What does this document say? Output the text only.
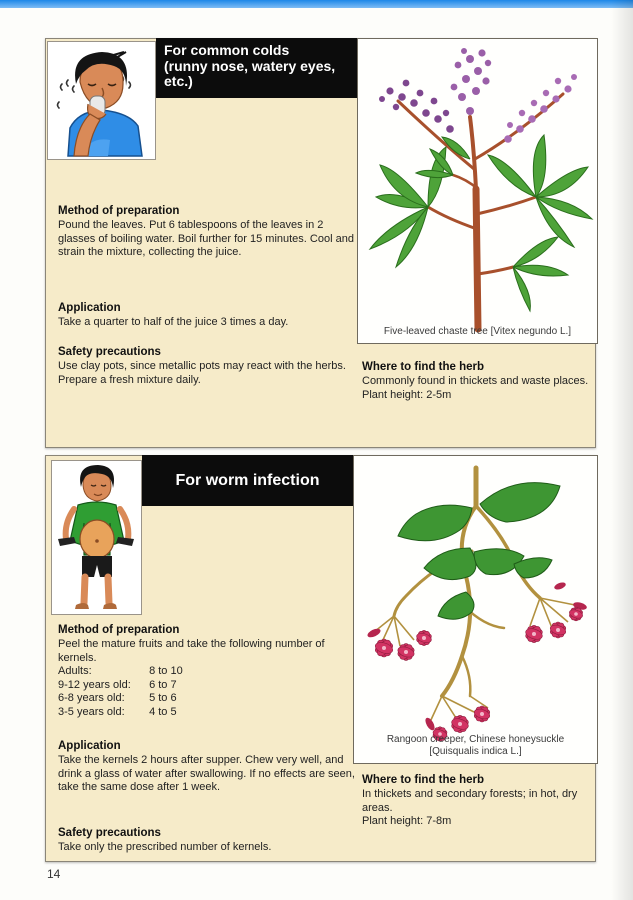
For common colds
(runny nose, watery eyes,
etc.)
Five-leaved chaste tree [Vitex negundo L.]
Method of preparation

Pound the leaves. Put 6 tablespoons of the leaves in 2 glasses of boiling water. Boil further for 15 minutes. Cool and strain the mixture, collecting the juice.

Application

Take a quarter to half of the juice 3 times a day.

Safety precautions

Use clay pots, since metallic pots may react with the herbs. Prepare a fresh mixture daily.

Where to find the herb

Commonly found in thickets and waste places.

Plant height: 2-5m

For worm infection
Rangoon creeper, Chinese honeysuckle
[Quisqualis indica L.]
Method of preparation

Peel the mature fruits and take the following number of kernels.

Adults:	8 to 10
9-12 years old: 6 to 7
6-8 years old: 5 to 6
3-5 years old: 4 to 5
Application

Take the kernels 2 hours after supper. Chew very well, and drink a glass of water after swallowing. If no effects are seen, take the same dose after 1 week.

Safety precautions

Take only the prescribed number of kernels.

Where to find the herb

In thickets and secondary forests; in hot, dry areas.

Plant height: 7-8m

14
